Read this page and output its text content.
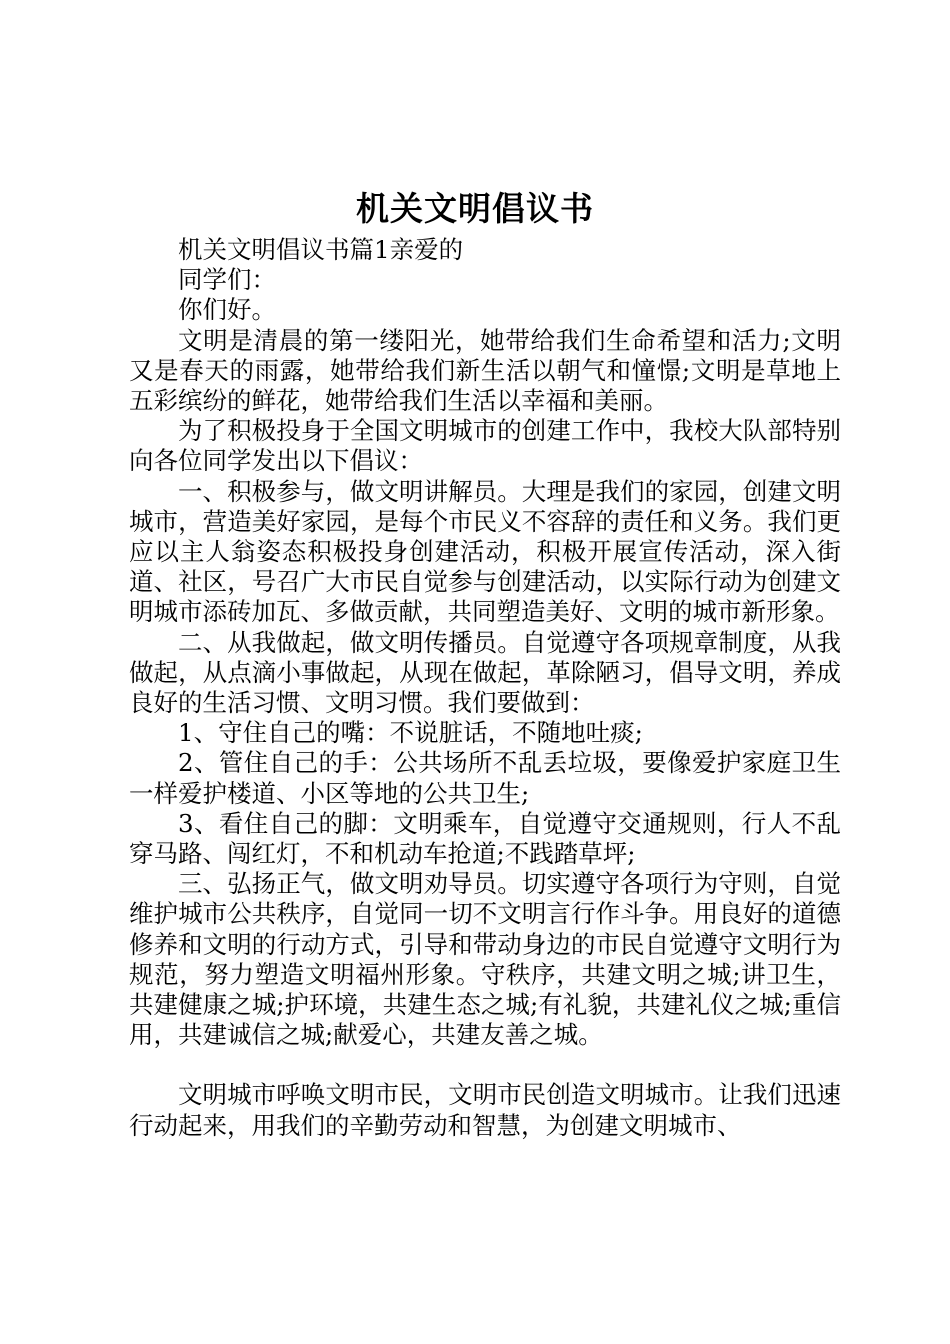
机关文明倡议书

机关文明倡议书篇1亲爱的

同学们：

你们好。

文明是清晨的第一缕阳光，她带给我们生命希望和活力;文明又是春天的雨露，她带给我们新生活以朝气和憧憬;文明是草地上五彩缤纷的鲜花，她带给我们生活以幸福和美丽。

为了积极投身于全国文明城市的创建工作中，我校大队部特别向各位同学发出以下倡议：

一、积极参与，做文明讲解员。大理是我们的家园，创建文明城市，营造美好家园，是每个市民义不容辞的责任和义务。我们更应以主人翁姿态积极投身创建活动，积极开展宣传活动，深入街道、社区，号召广大市民自觉参与创建活动，以实际行动为创建文明城市添砖加瓦、多做贡献，共同塑造美好、文明的城市新形象。

二、从我做起，做文明传播员。自觉遵守各项规章制度，从我做起，从点滴小事做起，从现在做起，革除陋习，倡导文明，养成良好的生活习惯、文明习惯。我们要做到：

1、守住自己的嘴：不说脏话，不随地吐痰;

2、管住自己的手：公共场所不乱丢垃圾，要像爱护家庭卫生一样爱护楼道、小区等地的公共卫生;

3、看住自己的脚：文明乘车，自觉遵守交通规则，行人不乱穿马路、闯红灯，不和机动车抢道;不践踏草坪;

三、弘扬正气，做文明劝导员。切实遵守各项行为守则，自觉维护城市公共秩序，自觉同一切不文明言行作斗争。用良好的道德修养和文明的行动方式，引导和带动身边的市民自觉遵守文明行为规范，努力塑造文明福州形象。守秩序，共建文明之城;讲卫生，共建健康之城;护环境，共建生态之城;有礼貌，共建礼仪之城;重信用，共建诚信之城;献爱心，共建友善之城。

文明城市呼唤文明市民，文明市民创造文明城市。让我们迅速行动起来，用我们的辛勤劳动和智慧，为创建文明城市、
